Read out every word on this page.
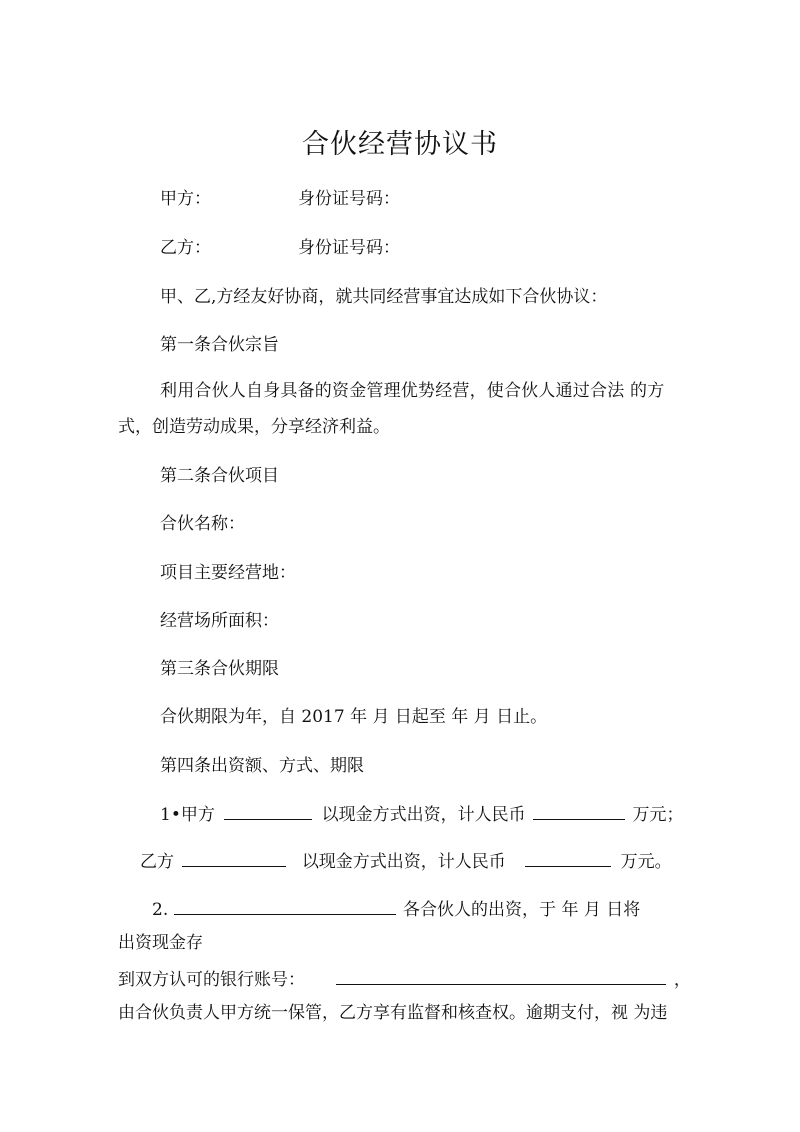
合伙经营协议书
甲方：	身份证号码：
乙方：	身份证号码：
甲、乙,方经友好协商，就共同经营事宜达成如下合伙协议：
第一条合伙宗旨
利用合伙人自身具备的资金管理优势经营，使合伙人通过合法 的方
式，创造劳动成果，分享经济利益。
第二条合伙项目
合伙名称：
项目主要经营地：
经营场所面积：
第三条合伙期限
合伙期限为年，自 2017 年 月 日起至 年 月 日止。
第四条出资额、方式、期限
1•甲方	以现金方式出资，计人民币	万元；
乙方	以现金方式出资，计人民币	万元。
2.	各合伙人的出资，于 年 月 日将
出资现金存
到双方认可的银行账号：	，
由合伙负责人甲方统一保管，乙方享有监督和核查权。逾期支付，视 为违
